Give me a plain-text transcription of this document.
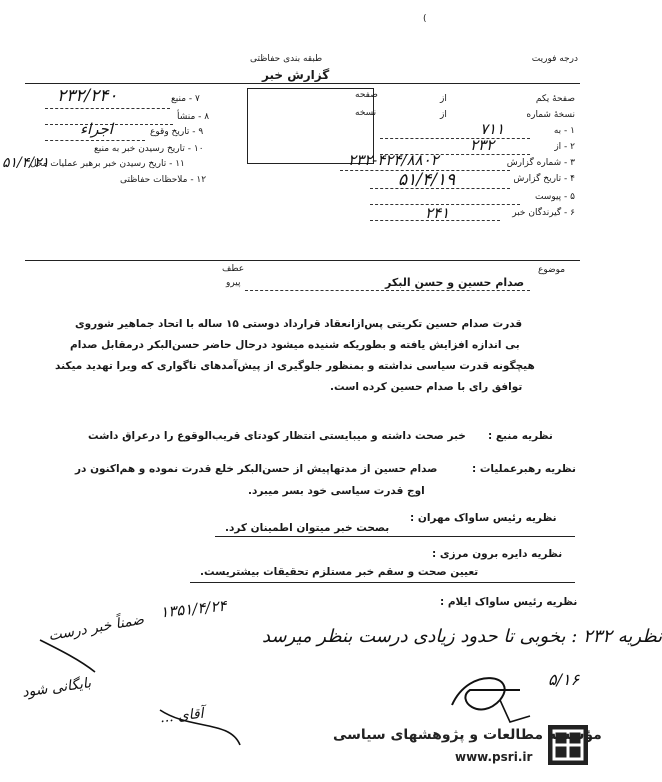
(
درجه فوریت
طبقه بندی حفاظتی
گزارش خبر
صفحه
نسخه
صفحهٔ یکم
از
نسخهٔ شماره
از
۱ - به
۷۱۱
۲ - از
۲۳۲
۳ - شماره گزارش
۲۳۲-۴۲۴/۸۸۰۲
۴ - تاریخ گزارش
۵۱/۴/۱۹
۵ - پیوست
۶ - گیرندگان خبر
۲۴۱
۷ - منبع
۲۳۲/۲۴۰
۸ - منشأ
۹ - تاریخ وقوع
اجراء
۱۰ - تاریخ رسیدن خبر به منبع
۱۱ - تاریخ رسیدن خبر برهبر عملیات محل
۵۱/۴/۲۱
۱۲ - ملاحظات حفاظتی
موضوع
عطف
پیرو	صدام حسین و حسن البکر
قدرت صدام حسین تکریتی پس‌ازانعقاد قرارداد دوستی ۱۵ ساله با اتحاد جماهیر شوروی
بی اندازه افزایش یافته و بطوریکه شنیده میشود درحال حاضر حسن‌البکر درمقابل صدام
هیچگونه قدرت سیاسی نداشته و بمنظور جلوگیری از پیش‌آمدهای ناگواری که ویرا تهدید میکند
توافق رای با صدام حسین کرده است.
نظریه منبع :
خبر صحت داشته و میبایستی انتظار کودتای قریب‌الوقوع را درعراق داشت
نظریه رهبرعملیات :
صدام حسین از مدتهاپیش از حسن‌البکر خلع قدرت نموده و هم‌اکنون در
اوج قدرت سیاسی خود بسر میبرد.
نظریه رئیس ساواک مهران :
بصحت خبر میتوان اطمینان کرد.
نظریه دایره برون مرزی :
تعیین صحت و سقم خبر مستلزم تحقیقات بیشتریست.
نظریه رئیس ساواک ایلام :
۱۳۵۱/۴/۲۴
نظریه ۲۳۲ : بخوبی تا حدود زیادی درست بنظر میرسد
ضمناً خبر درست
بایگانی شود
آقای ...
۵/۱۶
مؤسسه مطالعات و پژوهشهای سیاسی
www.psri.ir
